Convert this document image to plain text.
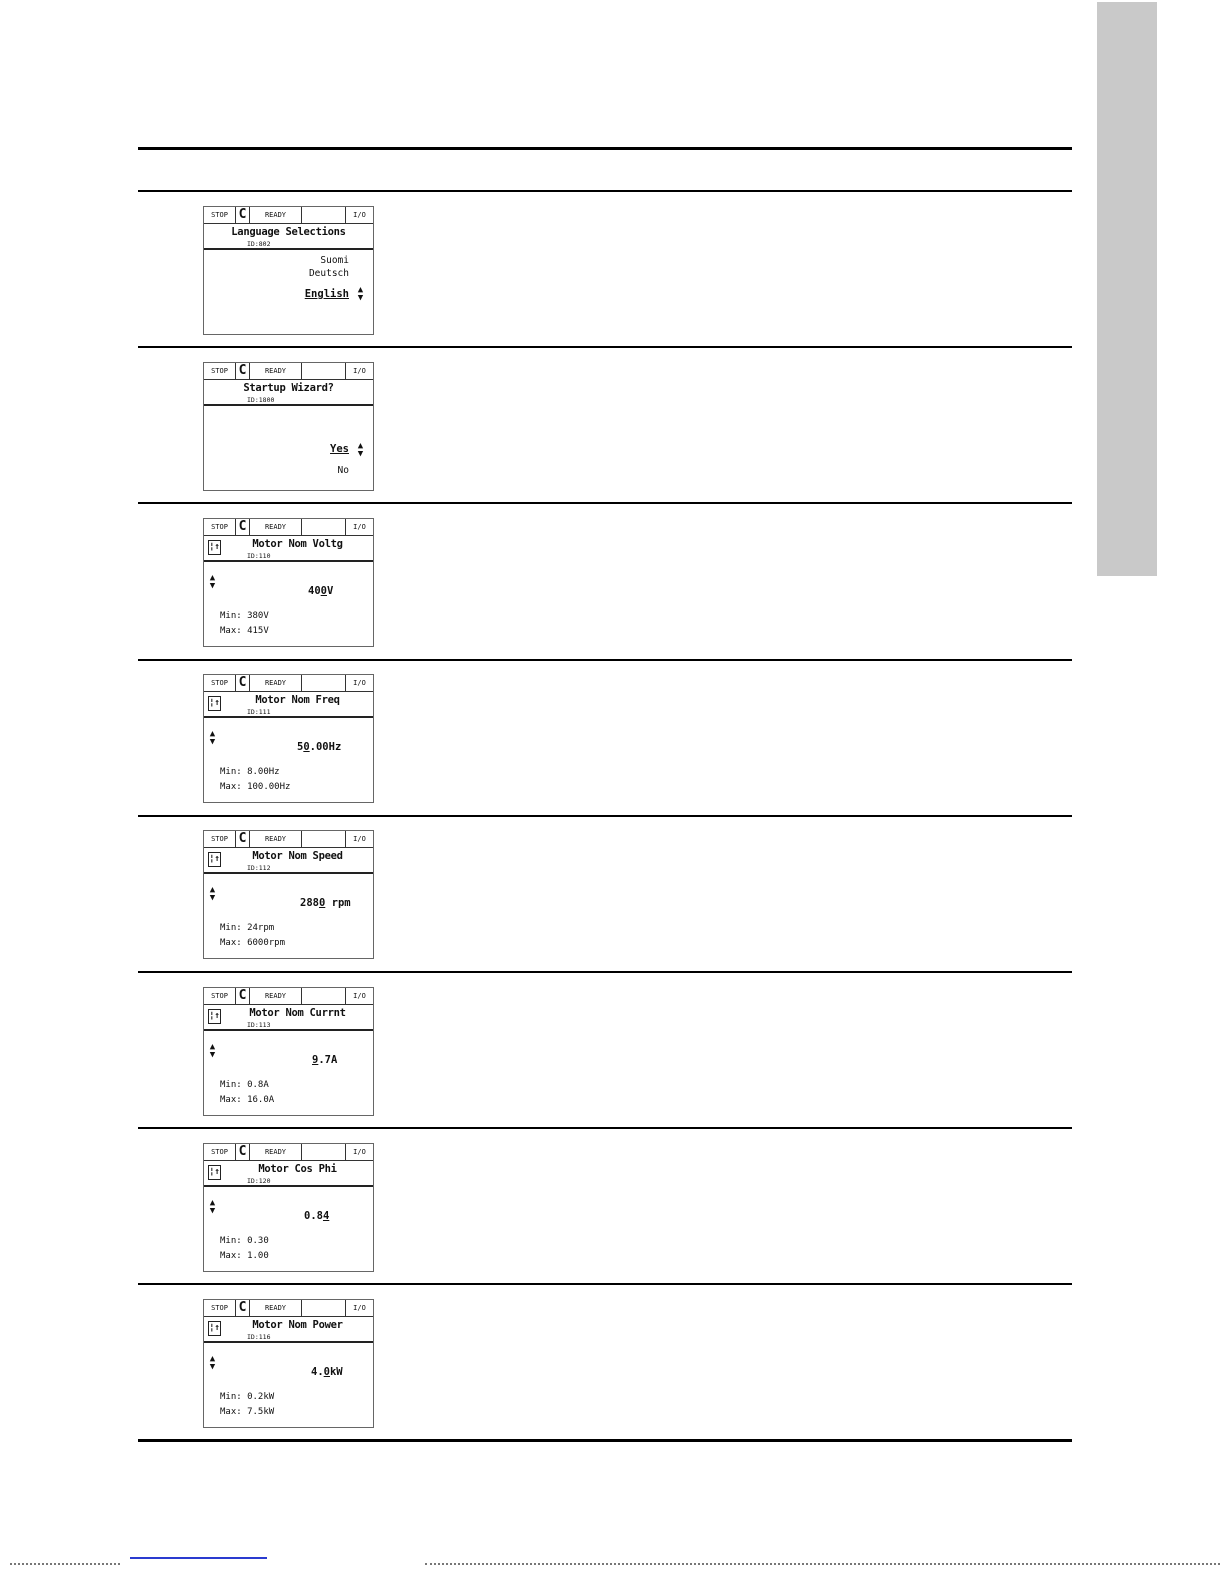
STOP C	READY	I/O
Language Selections
ID:802
Suomi
Deutsch
English ▲
▼
STOP C	READY	I/O
Startup Wizard?
ID:1800
Yes
No
▲
▼
STOP C	READY	I/O
¦↑	Motor Nom Voltg
ID:110
▲
▼	400V
Min: 380V
Max: 415V
STOP C	READY	I/O
¦↑	Motor Nom Freq
ID:111
▲
▼	50.00Hz
Min: 8.00Hz
Max: 100.00Hz
STOP C	READY	I/O
¦↑	Motor Nom Speed
ID:112
▲
▼	2880 rpm
Min: 24rpm
Max: 6000rpm
STOP C	READY	I/O
¦↑	Motor Nom Currnt
ID:113
▲
▼	9.7A
Min: 0.8A
Max: 16.0A
STOP C	READY	I/O
¦↑	Motor Cos Phi
ID:120
▲
▼	0.84
Min: 0.30
Max: 1.00
STOP C	READY	I/O
¦↑	Motor Nom Power
ID:116
▲
▼	4.0kW
Min: 0.2kW
Max: 7.5kW
